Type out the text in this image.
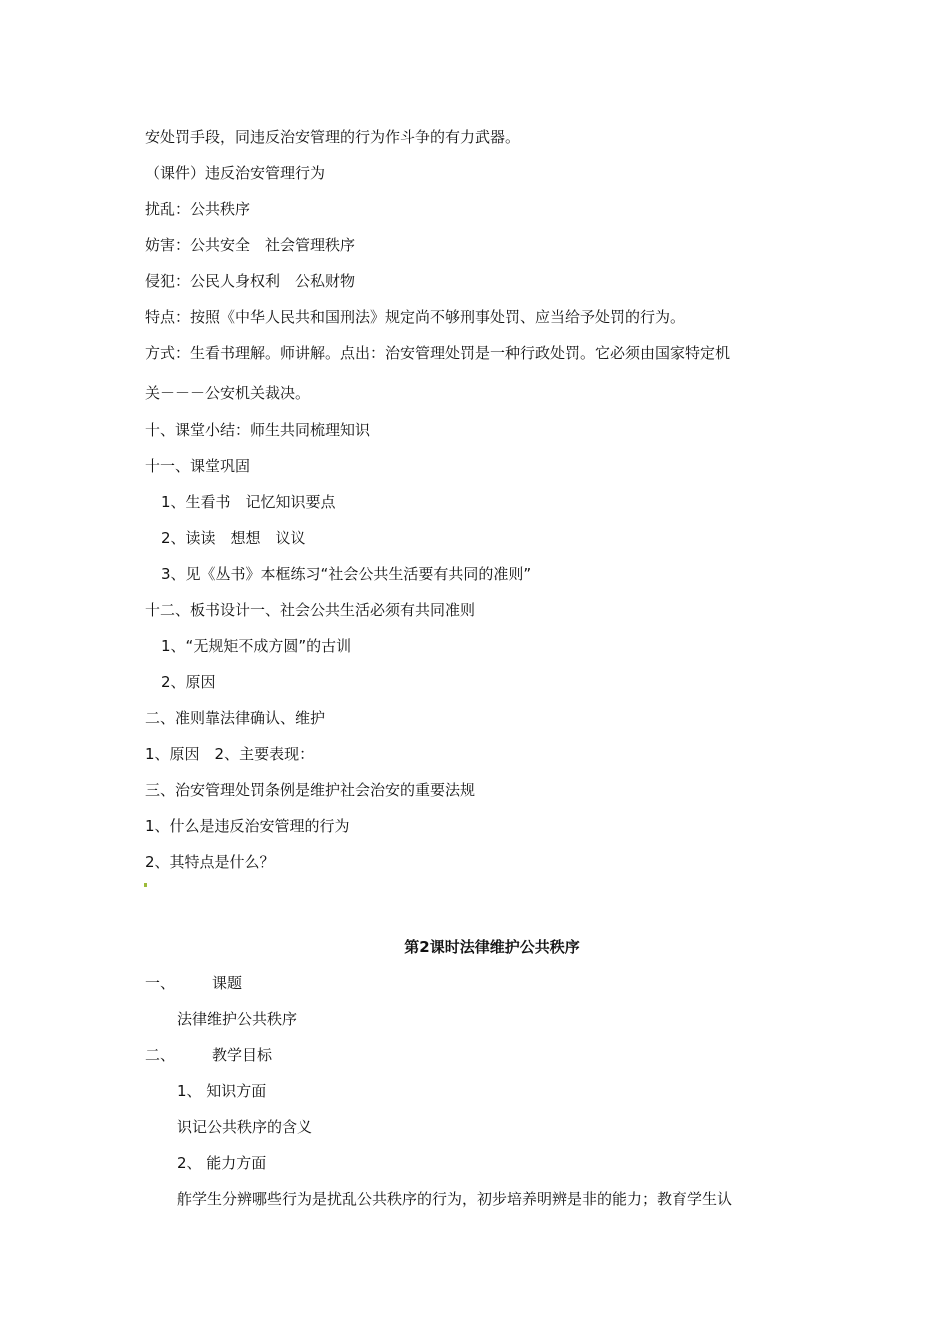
安处罚手段，同违反治安管理的行为作斗争的有力武器。
（课件）违反治安管理行为
扰乱：公共秩序
妨害：公共安全　社会管理秩序
侵犯：公民人身权利　公私财物
特点：按照《中华人民共和国刑法》规定尚不够刑事处罚、应当给予处罚的行为。
方式：生看书理解。师讲解。点出：治安管理处罚是一种行政处罚。它必须由国家特定机
关－－－公安机关裁决。
十、课堂小结：师生共同梳理知识
十一、课堂巩固
1、生看书　记忆知识要点
2、读读　想想　议议
3、见《丛书》本框练习“社会公共生活要有共同的准则”
十二、板书设计一、社会公共生活必须有共同准则
1、“无规矩不成方圆”的古训
2、原因
二、准则靠法律确认、维护
1、原因　2、主要表现：
三、治安管理处罚条例是维护社会治安的重要法规
1、什么是违反治安管理的行为
2、其特点是什么？
第2课时法律维护公共秩序
一、 课题
法律维护公共秩序
二、 教学目标
1、 知识方面
识记公共秩序的含义
2、 能力方面
舴学生分辨哪些行为是扰乱公共秩序的行为，初步培养明辨是非的能力；教育学生认
